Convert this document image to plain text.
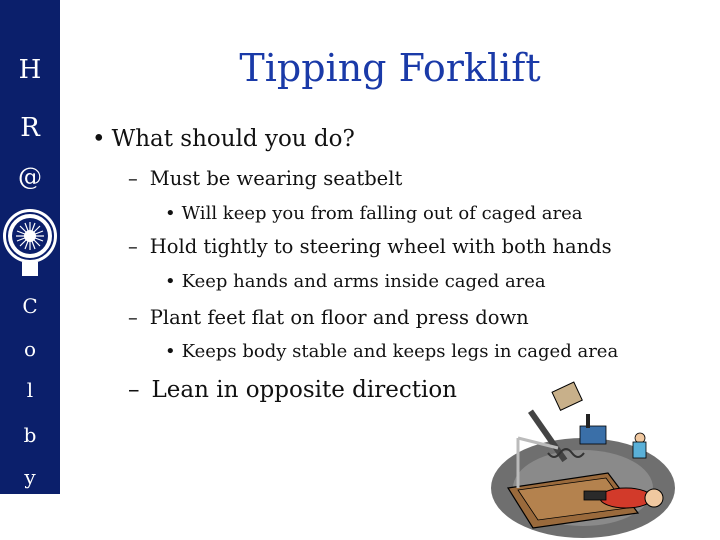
H
R
@
C
o
l
b
y
Tipping Forklift
• What should you do?
– Must be wearing seatbelt
• Will keep you from falling out of caged area
– Hold tightly to steering wheel with both hands
• Keep hands and arms inside caged area
– Plant feet flat on floor and press down
• Keeps body stable and keeps legs in caged area
– Lean in opposite direction
